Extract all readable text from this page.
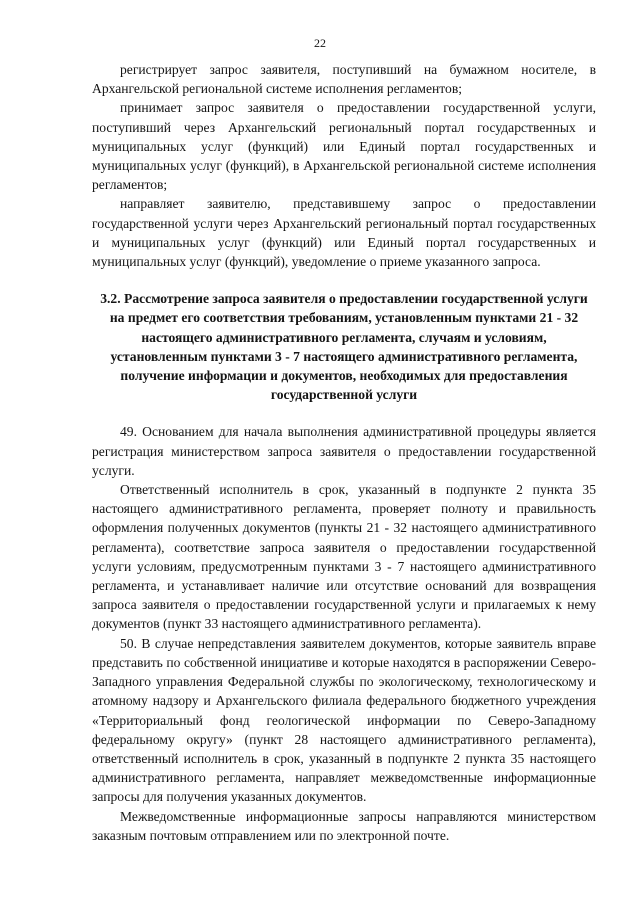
22

регистрирует запрос заявителя, поступивший на бумажном носителе, в Архангельской региональной системе исполнения регламентов;

принимает запрос заявителя о предоставлении государственной услуги, поступивший через Архангельский региональный портал государственных и муниципальных услуг (функций) или Единый портал государственных и муниципальных услуг (функций), в Архангельской региональной системе исполнения регламентов;

направляет заявителю, представившему запрос о предоставлении государственной услуги через Архангельский региональный портал государственных и муниципальных услуг (функций) или Единый портал государственных и муниципальных услуг (функций), уведомление о приеме указанного запроса.

3.2. Рассмотрение запроса заявителя о предоставлении государственной услуги на предмет его соответствия требованиям, установленным пунктами 21 - 32 настоящего административного регламента, случаям и условиям, установленным пунктами 3 - 7 настоящего административного регламента, получение информации и документов, необходимых для предоставления государственной услуги

49. Основанием для начала выполнения административной процедуры является регистрация министерством запроса заявителя о предоставлении государственной услуги.

Ответственный исполнитель в срок, указанный в подпункте 2 пункта 35 настоящего административного регламента, проверяет полноту и правильность оформления полученных документов (пункты 21 - 32 настоящего административного регламента), соответствие запроса заявителя о предоставлении государственной услуги условиям, предусмотренным пунктами 3 - 7 настоящего административного регламента, и устанавливает наличие или отсутствие оснований для возвращения запроса заявителя о предоставлении государственной услуги и прилагаемых к нему документов (пункт 33 настоящего административного регламента).

50. В случае непредставления заявителем документов, которые заявитель вправе представить по собственной инициативе и которые находятся в распоряжении Северо-Западного управления Федеральной службы по экологическому, технологическому и атомному надзору и Архангельского филиала федерального бюджетного учреждения «Территориальный фонд геологической информации по Северо-Западному федеральному округу» (пункт 28 настоящего административного регламента), ответственный исполнитель в срок, указанный в подпункте 2 пункта 35 настоящего административного регламента, направляет межведомственные информационные запросы для получения указанных документов.

Межведомственные информационные запросы направляются министерством заказным почтовым отправлением или по электронной почте.
